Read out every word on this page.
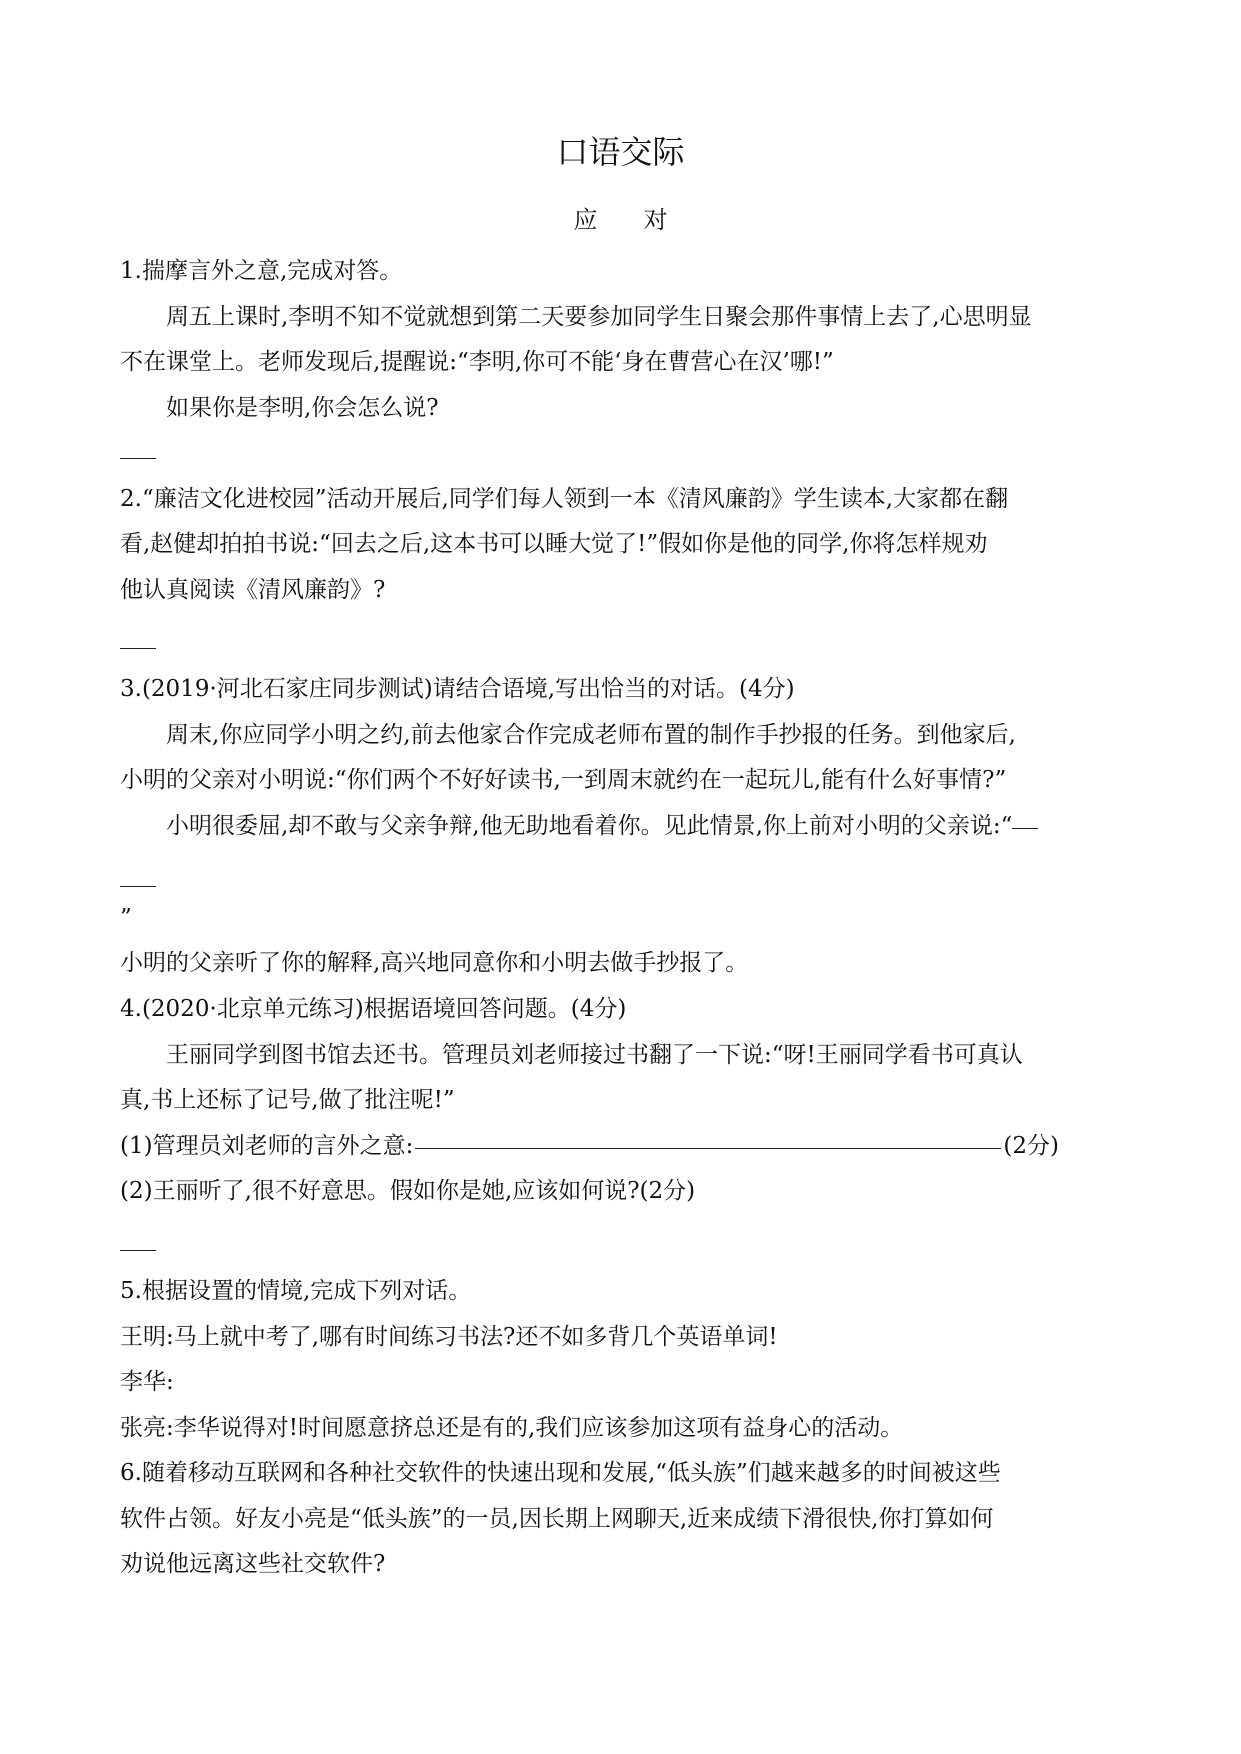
口语交际
应对
1.揣摩言外之意,完成对答。
周五上课时,李明不知不觉就想到第二天要参加同学生日聚会那件事情上去了,心思明显
不在课堂上。老师发现后,提醒说:“李明,你可不能‘身在曹营心在汉’哪!”
如果你是李明,你会怎么说?
2.“廉洁文化进校园”活动开展后,同学们每人领到一本《清风廉韵》学生读本,大家都在翻
看,赵健却拍拍书说:“回去之后,这本书可以睡大觉了!”假如你是他的同学,你将怎样规劝
他认真阅读《清风廉韵》?
3.(2019·河北石家庄同步测试)请结合语境,写出恰当的对话。(4分)
周末,你应同学小明之约,前去他家合作完成老师布置的制作手抄报的任务。到他家后,
小明的父亲对小明说:“你们两个不好好读书,一到周末就约在一起玩儿,能有什么好事情?”
小明很委屈,却不敢与父亲争辩,他无助地看着你。见此情景,你上前对小明的父亲说:“
”
小明的父亲听了你的解释,高兴地同意你和小明去做手抄报了。
4.(2020·北京单元练习)根据语境回答问题。(4分)
王丽同学到图书馆去还书。管理员刘老师接过书翻了一下说:“呀!王丽同学看书可真认
真,书上还标了记号,做了批注呢!”
(1)管理员刘老师的言外之意:	(2分)
(2)王丽听了,很不好意思。假如你是她,应该如何说?(2分)
5.根据设置的情境,完成下列对话。
王明:马上就中考了,哪有时间练习书法?还不如多背几个英语单词!
李华:
张亮:李华说得对!时间愿意挤总还是有的,我们应该参加这项有益身心的活动。
6.随着移动互联网和各种社交软件的快速出现和发展,“低头族”们越来越多的时间被这些
软件占领。好友小亮是“低头族”的一员,因长期上网聊天,近来成绩下滑很快,你打算如何
劝说他远离这些社交软件?
